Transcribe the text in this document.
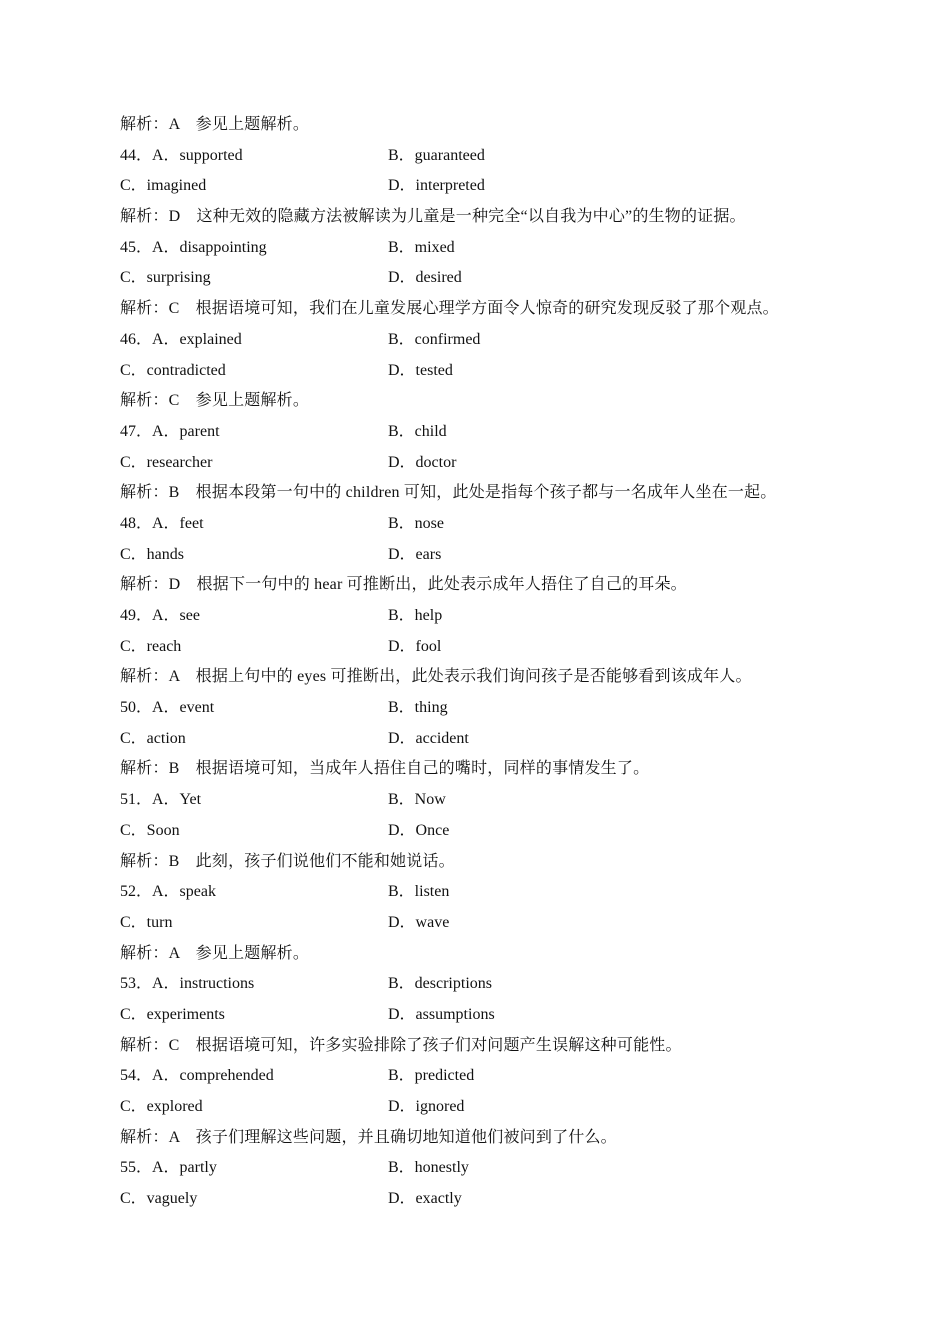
解析：A　参见上题解析。
44．A．supported	B．guaranteed
C．imagined	D．interpreted
解析：D　这种无效的隐藏方法被解读为儿童是一种完全“以自我为中心”的生物的证据。
45．A．disappointing	B．mixed
C．surprising	D．desired
解析：C　根据语境可知，我们在儿童发展心理学方面令人惊奇的研究发现反驳了那个观点。
46．A．explained	B．confirmed
C．contradicted	D．tested
解析：C　参见上题解析。
47．A．parent	B．child
C．researcher	D．doctor
解析：B　根据本段第一句中的 children 可知，此处是指每个孩子都与一名成年人坐在一起。
48．A．feet	B．nose
C．hands	D．ears
解析：D　根据下一句中的 hear 可推断出，此处表示成年人捂住了自己的耳朵。
49．A．see	B．help
C．reach	D．fool
解析：A　根据上句中的 eyes 可推断出，此处表示我们询问孩子是否能够看到该成年人。
50．A．event	B．thing
C．action	D．accident
解析：B　根据语境可知，当成年人捂住自己的嘴时，同样的事情发生了。
51．A．Yet	B．Now
C．Soon	D．Once
解析：B　此刻，孩子们说他们不能和她说话。
52．A．speak	B．listen
C．turn	D．wave
解析：A　参见上题解析。
53．A．instructions	B．descriptions
C．experiments	D．assumptions
解析：C　根据语境可知，许多实验排除了孩子们对问题产生误解这种可能性。
54．A．comprehended	B．predicted
C．explored	D．ignored
解析：A　孩子们理解这些问题，并且确切地知道他们被问到了什么。
55．A．partly	B．honestly
C．vaguely	D．exactly
